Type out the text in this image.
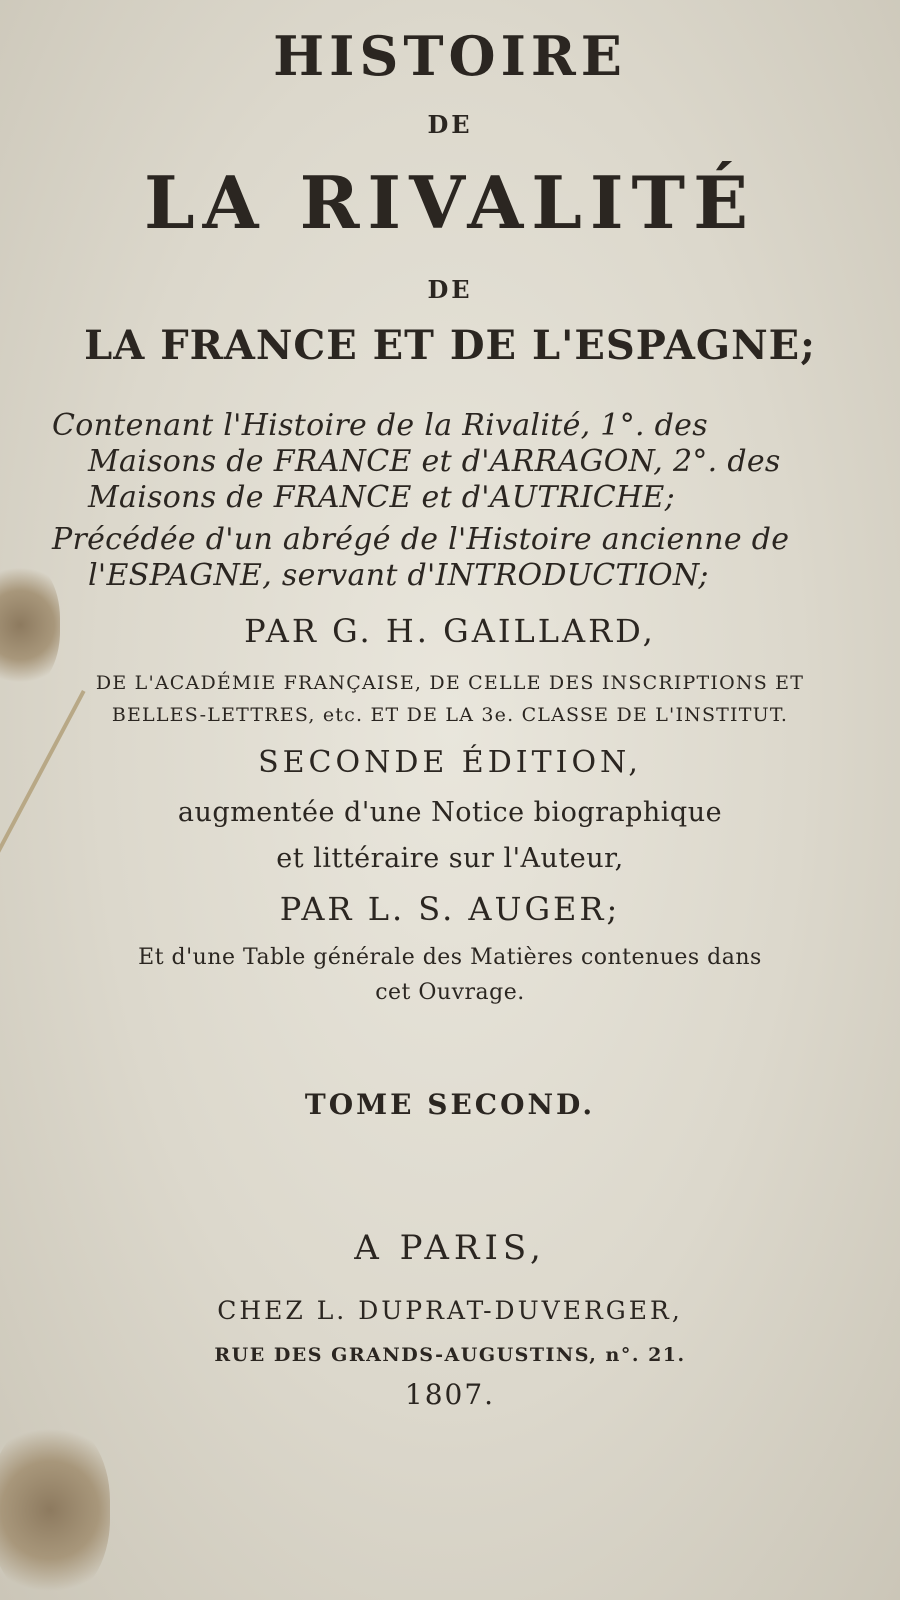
HISTOIRE
DE
LA RIVALITÉ
DE
LA FRANCE ET DE L'ESPAGNE;
Contenant l'Histoire de la Rivalité, 1°. des
Maisons de FRANCE et d'ARRAGON, 2°. des
Maisons de FRANCE et d'AUTRICHE;
Précédée d'un abrégé de l'Histoire ancienne de
l'ESPAGNE, servant d'INTRODUCTION;
PAR G. H. GAILLARD,
DE L'ACADÉMIE FRANÇAISE, DE CELLE DES INSCRIPTIONS ET
BELLES-LETTRES, etc. ET DE LA 3e. CLASSE DE L'INSTITUT.
SECONDE ÉDITION,
augmentée d'une Notice biographique
et littéraire sur l'Auteur,
PAR L. S. AUGER;
Et d'une Table générale des Matières contenues dans
cet Ouvrage.
TOME SECOND.
A PARIS,
CHEZ L. DUPRAT-DUVERGER,
RUE DES GRANDS-AUGUSTINS, n°. 21.
1807.
